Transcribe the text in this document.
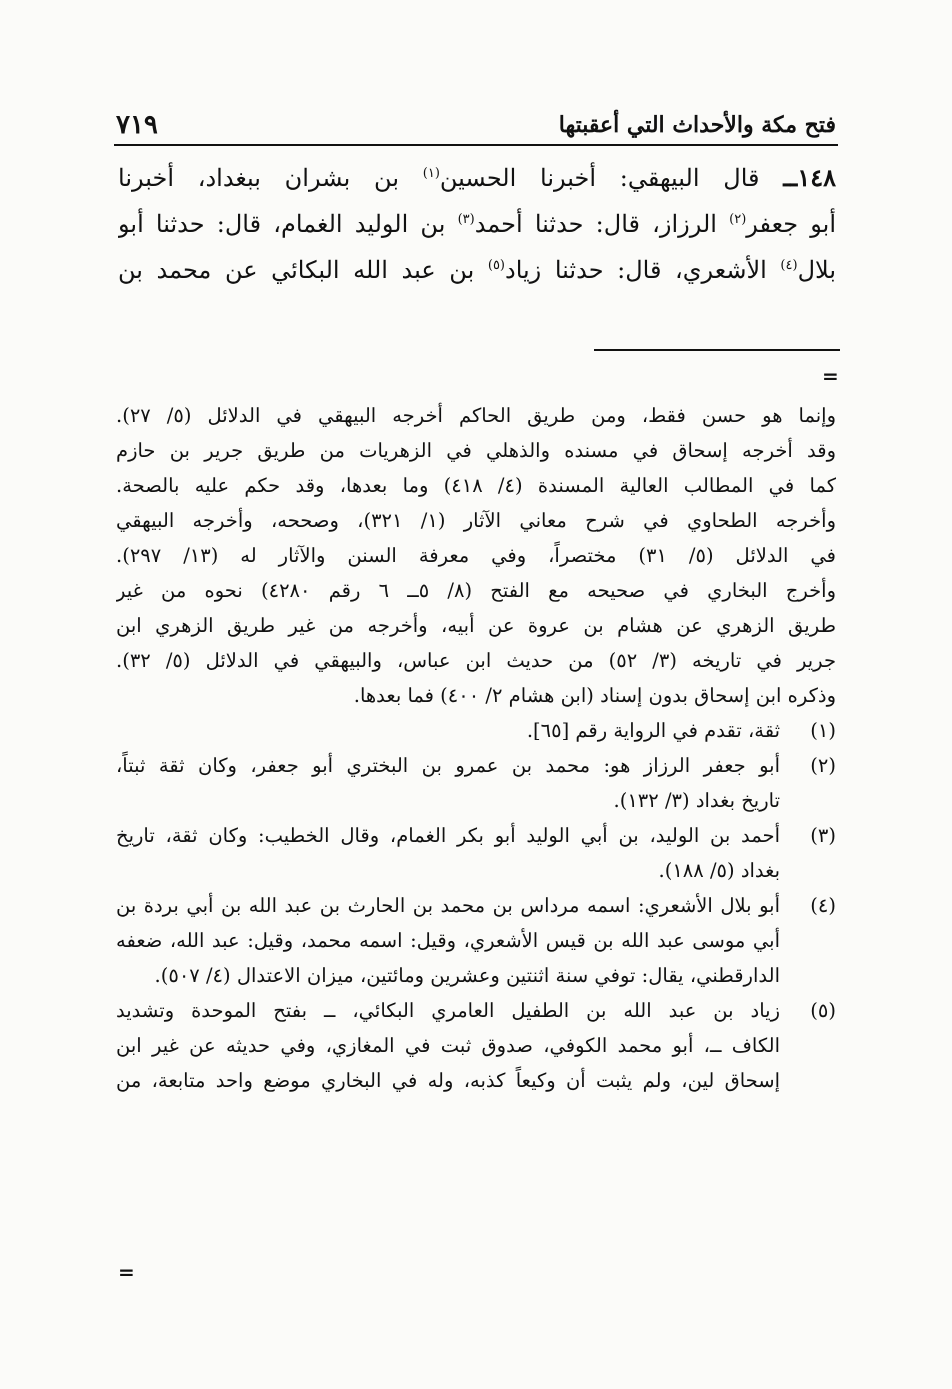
٧١٩	فتح مكة والأحداث التي أعقبتها
١٤٨ــ قال البيهقي: أخبرنا الحسين$^{(١)}$ بن بشران ببغداد، أخبرنا
أبو جعفر$^{(٢)}$ الرزاز، قال: حدثنا أحمد$^{(٣)}$ بن الوليد الغمام، قال: حدثنا أبو
بلال$^{(٤)}$ الأشعري، قال: حدثنا زياد$^{(٥)}$ بن عبد الله البكائي عن محمد بن
=
وإنما هو حسن فقط، ومن طريق الحاكم أخرجه البيهقي في الدلائل (٥/ ٢٧).
وقد أخرجه إسحاق في مسنده والذهلي في الزهريات من طريق جرير بن حازم
كما في المطالب العالية المسندة (٤/ ٤١٨) وما بعدها، وقد حكم عليه بالصحة.
وأخرجه الطحاوي في شرح معاني الآثار (١/ ٣٢١)، وصححه، وأخرجه البيهقي
في الدلائل (٥/ ٣١) مختصراً، وفي معرفة السنن والآثار له (١٣/ ٢٩٧).
وأخرج البخاري في صحيحه مع الفتح (٨/ ٥ــ ٦ رقم ٤٢٨٠) نحوه من غير
طريق الزهري عن هشام بن عروة عن أبيه، وأخرجه من غير طريق الزهري ابن
جرير في تاريخه (٣/ ٥٢) من حديث ابن عباس، والبيهقي في الدلائل (٥/ ٣٢).
وذكره ابن إسحاق بدون إسناد (ابن هشام ٢/ ٤٠٠) فما بعدها.
(١)
ثقة، تقدم في الرواية رقم [٦٥].
(٢)
أبو جعفر الرزاز هو: محمد بن عمرو بن البختري أبو جعفر، وكان ثقة ثبتاً،
تاريخ بغداد (٣/ ١٣٢).
(٣)
أحمد بن الوليد، بن أبي الوليد أبو بكر الغمام، وقال الخطيب: وكان ثقة، تاريخ
بغداد (٥/ ١٨٨).
(٤)
أبو بلال الأشعري: اسمه مرداس بن محمد بن الحارث بن عبد الله بن أبي بردة بن
أبي موسى عبد الله بن قيس الأشعري، وقيل: اسمه محمد، وقيل: عبد الله، ضعفه
الدارقطني، يقال: توفي سنة اثنتين وعشرين ومائتين، ميزان الاعتدال (٤/ ٥٠٧).
(٥)
زياد بن عبد الله بن الطفيل العامري البكائي، ــ بفتح الموحدة وتشديد
الكاف ــ، أبو محمد الكوفي، صدوق ثبت في المغازي، وفي حديثه عن غير ابن
إسحاق لين، ولم يثبت أن وكيعاً كذبه، وله في البخاري موضع واحد متابعة، من
=
